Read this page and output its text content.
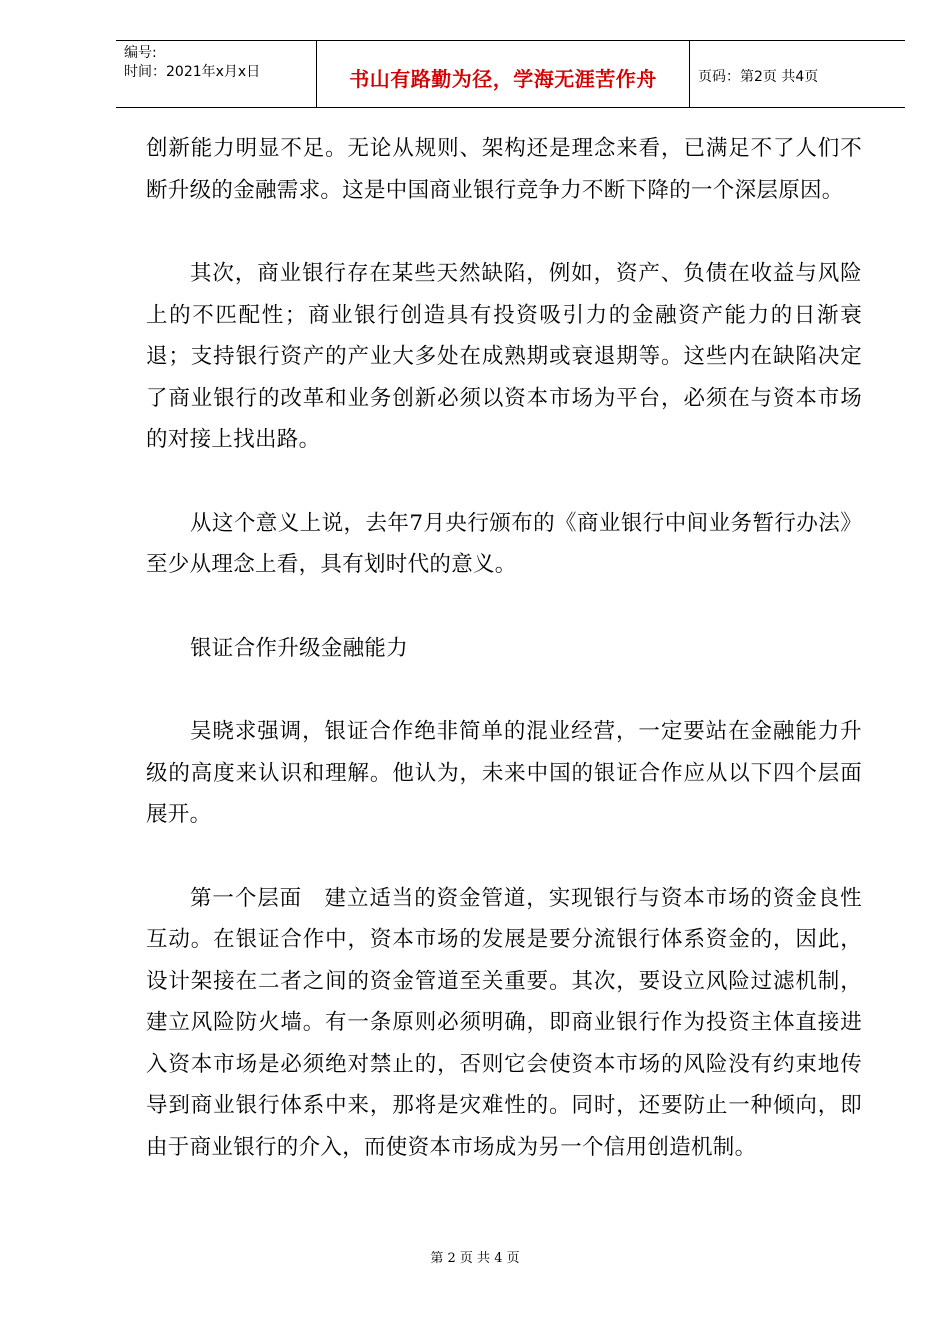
编号:
时间：2021年x月x日	书山有路勤为径，学海无涯苦作舟	页码：第2页 共4页

创新能力明显不足。无论从规则、架构还是理念来看，已满足不了人们不断升级的金融需求。这是中国商业银行竞争力不断下降的一个深层原因。

其次，商业银行存在某些天然缺陷，例如，资产、负债在收益与风险上的不匹配性；商业银行创造具有投资吸引力的金融资产能力的日渐衰退；支持银行资产的产业大多处在成熟期或衰退期等。这些内在缺陷决定了商业银行的改革和业务创新必须以资本市场为平台，必须在与资本市场的对接上找出路。

从这个意义上说，去年7月央行颁布的《商业银行中间业务暂行办法》至少从理念上看，具有划时代的意义。

银证合作升级金融能力

吴晓求强调，银证合作绝非简单的混业经营，一定要站在金融能力升级的高度来认识和理解。他认为，未来中国的银证合作应从以下四个层面展开。

第一个层面　建立适当的资金管道，实现银行与资本市场的资金良性互动。在银证合作中，资本市场的发展是要分流银行体系资金的，因此，设计架接在二者之间的资金管道至关重要。其次，要设立风险过滤机制，建立风险防火墙。有一条原则必须明确，即商业银行作为投资主体直接进入资本市场是必须绝对禁止的，否则它会使资本市场的风险没有约束地传导到商业银行体系中来，那将是灾难性的。同时，还要防止一种倾向，即由于商业银行的介入，而使资本市场成为另一个信用创造机制。

第 2 页 共 4 页
